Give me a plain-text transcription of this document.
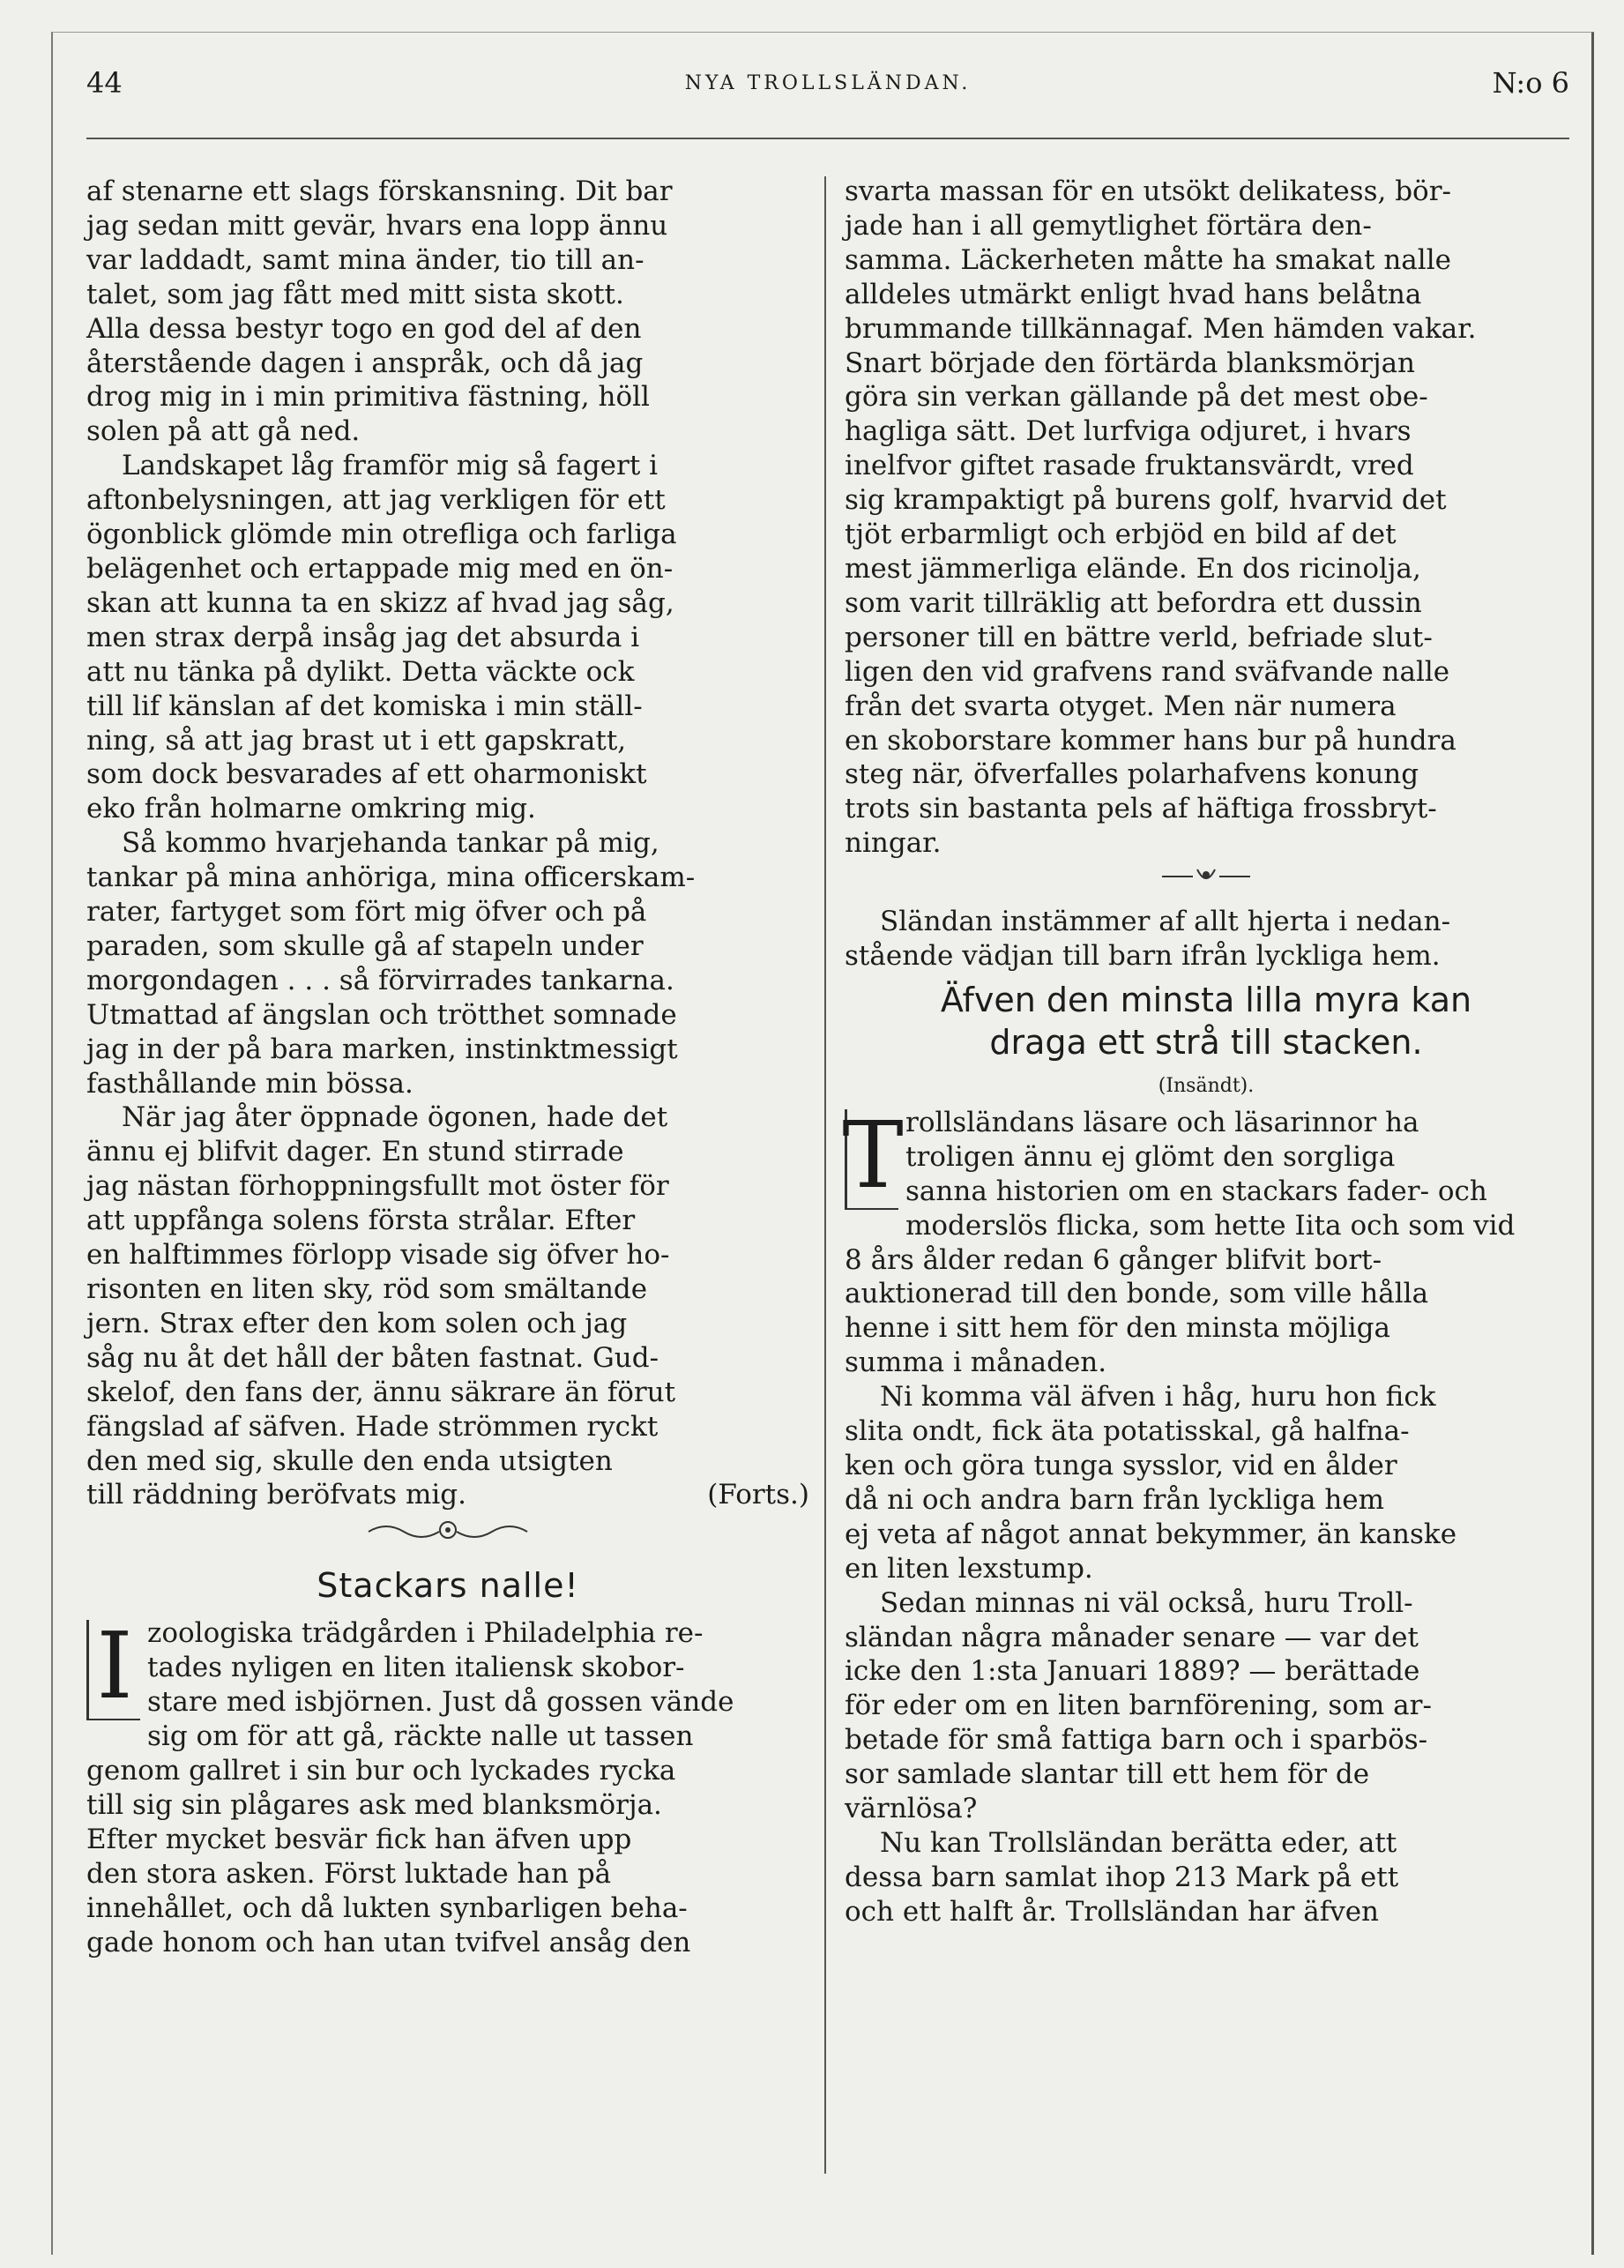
44	NYA TROLLSLÄNDAN.	N:o 6

af stenarne ett slags förskansning. Dit bar

jag sedan mitt gevär, hvars ena lopp ännu

var laddadt, samt mina änder, tio till an-

talet, som jag fått med mitt sista skott.

Alla dessa bestyr togo en god del af den

återstående dagen i anspråk, och då jag

drog mig in i min primitiva fästning, höll

solen på att gå ned.

Landskapet låg framför mig så fagert i

aftonbelysningen, att jag verkligen för ett

ögonblick glömde min otrefliga och farliga

belägenhet och ertappade mig med en ön-

skan att kunna ta en skizz af hvad jag såg,

men strax derpå insåg jag det absurda i

att nu tänka på dylikt. Detta väckte ock

till lif känslan af det komiska i min ställ-

ning, så att jag brast ut i ett gapskratt,

som dock besvarades af ett oharmoniskt

eko från holmarne omkring mig.

Så kommo hvarjehanda tankar på mig,

tankar på mina anhöriga, mina officerskam-

rater, fartyget som fört mig öfver och på

paraden, som skulle gå af stapeln under

morgondagen . . . så förvirrades tankarna.

Utmattad af ängslan och trötthet somnade

jag in der på bara marken, instinktmessigt

fasthållande min bössa.

När jag åter öppnade ögonen, hade det

ännu ej blifvit dager. En stund stirrade

jag nästan förhoppningsfullt mot öster för

att uppfånga solens första strålar. Efter

en halftimmes förlopp visade sig öfver ho-

risonten en liten sky, röd som smältande

jern. Strax efter den kom solen och jag

såg nu åt det håll der båten fastnat. Gud-

skelof, den fans der, ännu säkrare än förut

fängslad af säfven. Hade strömmen ryckt

den med sig, skulle den enda utsigten

till räddning beröfvats mig.	(Forts.)

Stackars nalle!
I zoologiska trädgården i Philadelphia re-

tades nyligen en liten italiensk skobor-

stare med isbjörnen. Just då gossen vände

sig om för att gå, räckte nalle ut tassen

genom gallret i sin bur och lyckades rycka

till sig sin plågares ask med blanksmörja.

Efter mycket besvär fick han äfven upp

den stora asken. Först luktade han på

innehållet, och då lukten synbarligen beha-

gade honom och han utan tvifvel ansåg den

svarta massan för en utsökt delikatess, bör-

jade han i all gemytlighet förtära den-

samma. Läckerheten måtte ha smakat nalle

alldeles utmärkt enligt hvad hans belåtna

brummande tillkännagaf. Men hämden vakar.

Snart började den förtärda blanksmörjan

göra sin verkan gällande på det mest obe-

hagliga sätt. Det lurfviga odjuret, i hvars

inelfvor giftet rasade fruktansvärdt, vred

sig krampaktigt på burens golf, hvarvid det

tjöt erbarmligt och erbjöd en bild af det

mest jämmerliga elände. En dos ricinolja,

som varit tillräklig att befordra ett dussin

personer till en bättre verld, befriade slut-

ligen den vid grafvens rand sväfvande nalle

från det svarta otyget. Men när numera

en skoborstare kommer hans bur på hundra

steg när, öfverfalles polarhafvens konung

trots sin bastanta pels af häftiga frossbryt-

ningar.

Sländan instämmer af allt hjerta i nedan-

stående vädjan till barn ifrån lyckliga hem.

Äfven den minsta lilla myra kan
draga ett strå till stacken.
(Insändt).
T rollsländans läsare och läsarinnor ha

troligen ännu ej glömt den sorgliga

sanna historien om en stackars fader- och

moderslös flicka, som hette Iita och som vid

8 års ålder redan 6 gånger blifvit bort-

auktionerad till den bonde, som ville hålla

henne i sitt hem för den minsta möjliga

summa i månaden.

Ni komma väl äfven i håg, huru hon fick

slita ondt, fick äta potatisskal, gå halfna-

ken och göra tunga sysslor, vid en ålder

då ni och andra barn från lyckliga hem

ej veta af något annat bekymmer, än kanske

en liten lexstump.

Sedan minnas ni väl också, huru Troll-

sländan några månader senare — var det

icke den 1:sta Januari 1889? — berättade

för eder om en liten barnförening, som ar-

betade för små fattiga barn och i sparbös-

sor samlade slantar till ett hem för de

värnlösa?

Nu kan Trollsländan berätta eder, att

dessa barn samlat ihop 213 Mark på ett

och ett halft år. Trollsländan har äfven
